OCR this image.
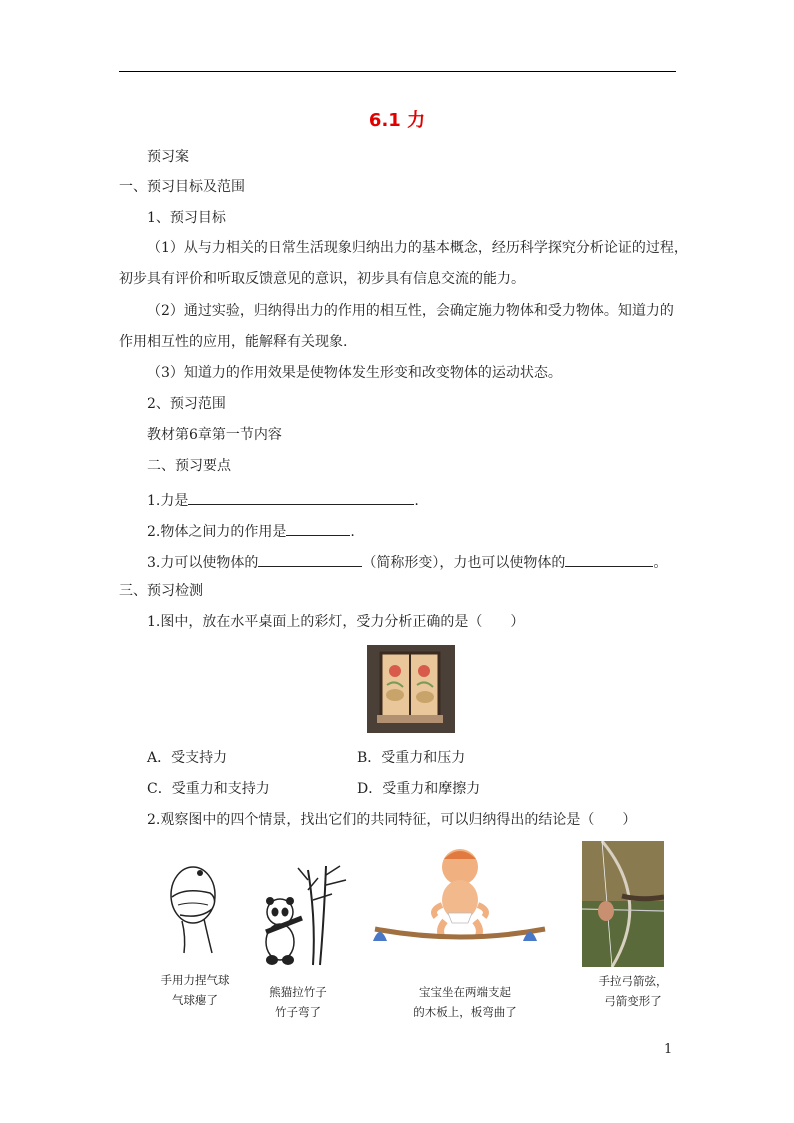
6.1 力
预习案
一、预习目标及范围
1、预习目标
（1）从与力相关的日常生活现象归纳出力的基本概念，经历科学探究分析论证的过程，
初步具有评价和听取反馈意见的意识，初步具有信息交流的能力。
（2）通过实验，归纳得出力的作用的相互性，会确定施力物体和受力物体。知道力的
作用相互性的应用，能解释有关现象.
（3）知道力的作用效果是使物体发生形变和改变物体的运动状态。
2、预习范围
教材第6章第一节内容
二、预习要点
1.力是	.
2.物体之间力的作用是	.
3.力可以使物体的	（简称形变），力也可以使物体的	。
三、预习检测
1.图中，放在水平桌面上的彩灯，受力分析正确的是（　　）
A．受支持力	B．受重力和压力
C．受重力和支持力	D．受重力和摩擦力
2.观察图中的四个情景，找出它们的共同特征，可以归纳得出的结论是（　　）
手用力捏气球
气球瘪了
熊猫拉竹子
竹子弯了
宝宝坐在两端支起
的木板上，板弯曲了
手拉弓箭弦，
弓箭变形了
1
